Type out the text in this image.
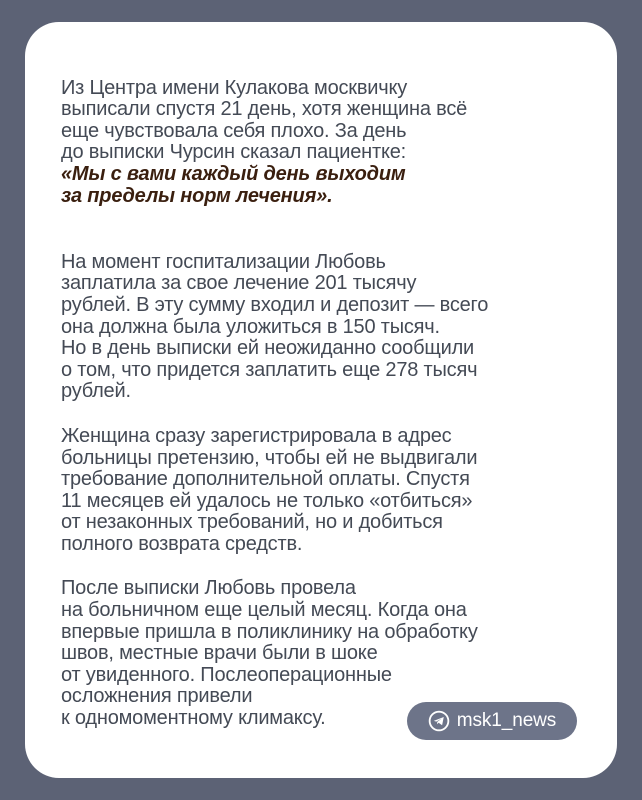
Из Центра имени Кулакова москвичку
выписали спустя 21 день, хотя женщина всё
еще чувствовала себя плохо. За день
до выписки Чурсин сказал пациентке:

«Мы с вами каждый день выходим
за пределы норм лечения».

На момент госпитализации Любовь
заплатила за свое лечение 201 тысячу
рублей. В эту сумму входил и депозит — всего
она должна была уложиться в 150 тысяч.
Но в день выписки ей неожиданно сообщили
о том, что придется заплатить еще 278 тысяч
рублей.
Женщина сразу зарегистрировала в адрес
больницы претензию, чтобы ей не выдвигали
требование дополнительной оплаты. Спустя
11 месяцев ей удалось не только «отбиться»
от незаконных требований, но и добиться
полного возврата средств.
После выписки Любовь провела
на больничном еще целый месяц. Когда она
впервые пришла в поликлинику на обработку
швов, местные врачи были в шоке
от увиденного. Послеоперационные
осложнения привели
к одномоментному климаксу.	msk1_news
